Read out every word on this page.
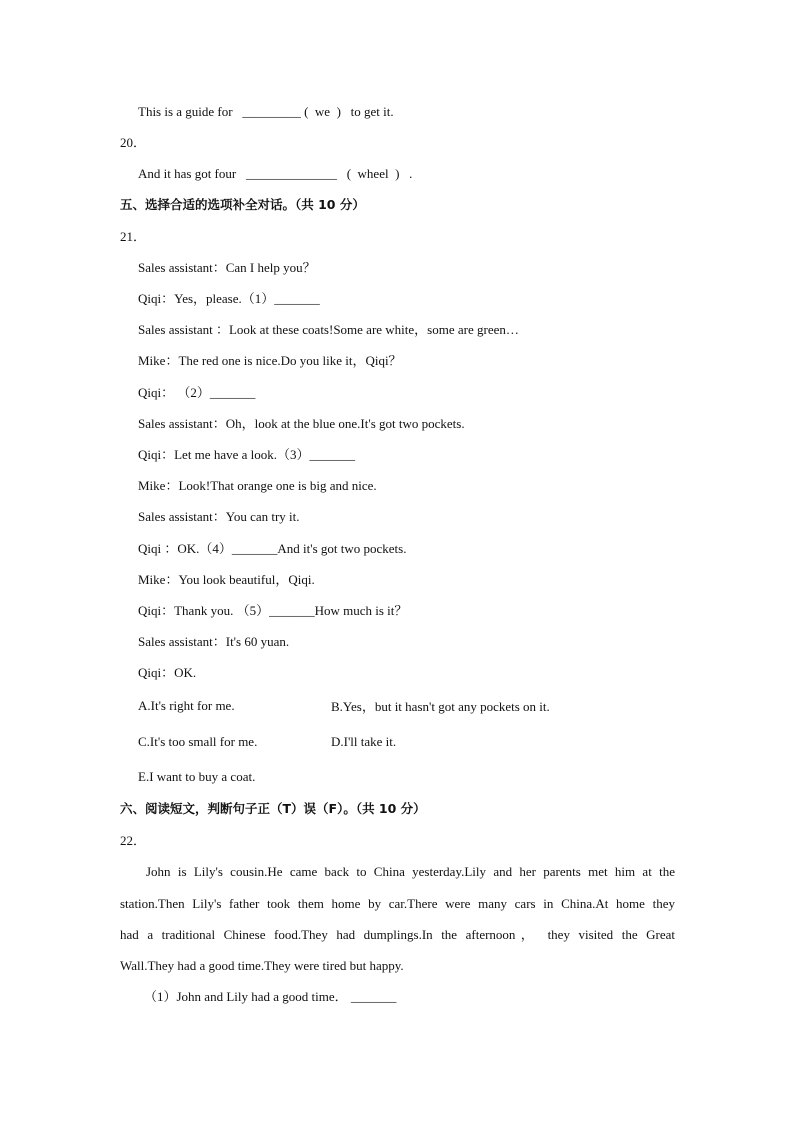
This is a guide for   _________ (  we  )   to get it.
20．
And it has got four   ______________   (  wheel  )   .
五、选择合适的选项补全对话。（共 10 分）
21．
Sales assistant：Can I help you？
Qiqi：Yes，please.（1）_______
Sales assistant ：Look at these coats!Some are white，some are green…
Mike：The red one is nice.Do you like it，Qiqi？
Qiqi： （2）_______
Sales assistant：Oh，look at the blue one.It's got two pockets.
Qiqi：Let me have a look.（3）_______
Mike：Look!That orange one is big and nice.
Sales assistant：You can try it.
Qiqi ：OK.（4）_______And it's got two pockets.
Mike：You look beautiful，Qiqi.
Qiqi：Thank you. （5）_______How much is it？
Sales assistant：It's 60 yuan.
Qiqi：OK.
A.It's right for me.	B.Yes，but it hasn't got any pockets on it.
C.It's too small for me.	D.I'll take it.
E.I want to buy a coat.
六、阅读短文，判断句子正（T）误（F）。（共 10 分）
22．
John is Lily's cousin.He came back to China yesterday.Lily and her parents met him at the
station.Then Lily's father took them home by car.There were many cars in China.At home they
had a traditional Chinese food.They had dumplings.In the afternoon， they visited the Great
Wall.They had a good time.They were tired but happy.
（1）John and Lily had a good time． _______
